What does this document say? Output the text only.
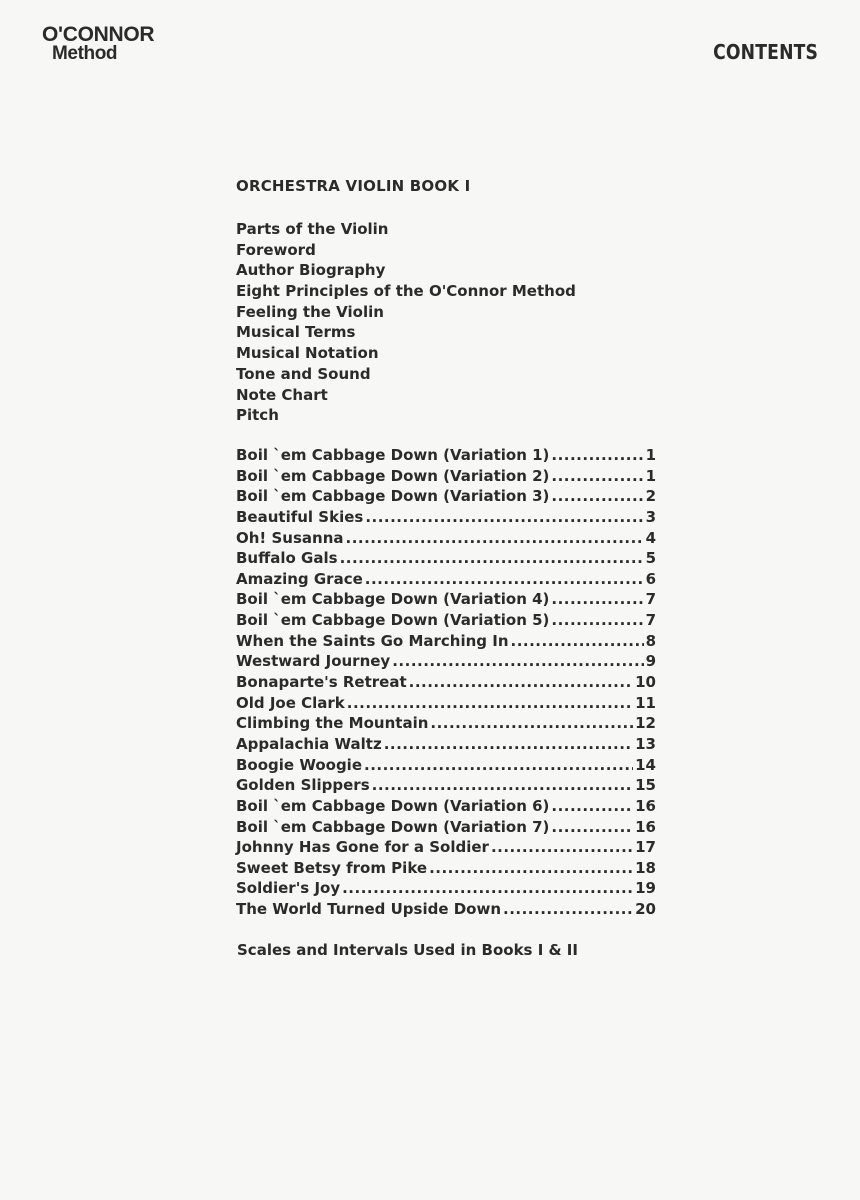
O'CONNOR
Method	CONTENTS
ORCHESTRA VIOLIN BOOK I
Parts of the Violin
Foreword
Author Biography
Eight Principles of the O'Connor Method
Feeling the Violin
Musical Terms
Musical Notation
Tone and Sound
Note Chart
Pitch
Boil `em Cabbage Down (Variation 1) .....	1
Boil `em Cabbage Down (Variation 2) .....	1
Boil `em Cabbage Down (Variation 3) .....	2
Beautiful Skies .....	3
Oh! Susanna .....	4
Buffalo Gals .....	5
Amazing Grace .....	6
Boil `em Cabbage Down (Variation 4) .....	7
Boil `em Cabbage Down (Variation 5) .....	7
When the Saints Go Marching In .....	8
Westward Journey .....	9
Bonaparte's Retreat .....	10
Old Joe Clark .....	11
Climbing the Mountain .....	12
Appalachia Waltz .....	13
Boogie Woogie .....	14
Golden Slippers .....	15
Boil `em Cabbage Down (Variation 6) .....	16
Boil `em Cabbage Down (Variation 7) .....	16
Johnny Has Gone for a Soldier .....	17
Sweet Betsy from Pike .....	18
Soldier's Joy .....	19
The World Turned Upside Down .....	20
Scales and Intervals Used in Books I & II
